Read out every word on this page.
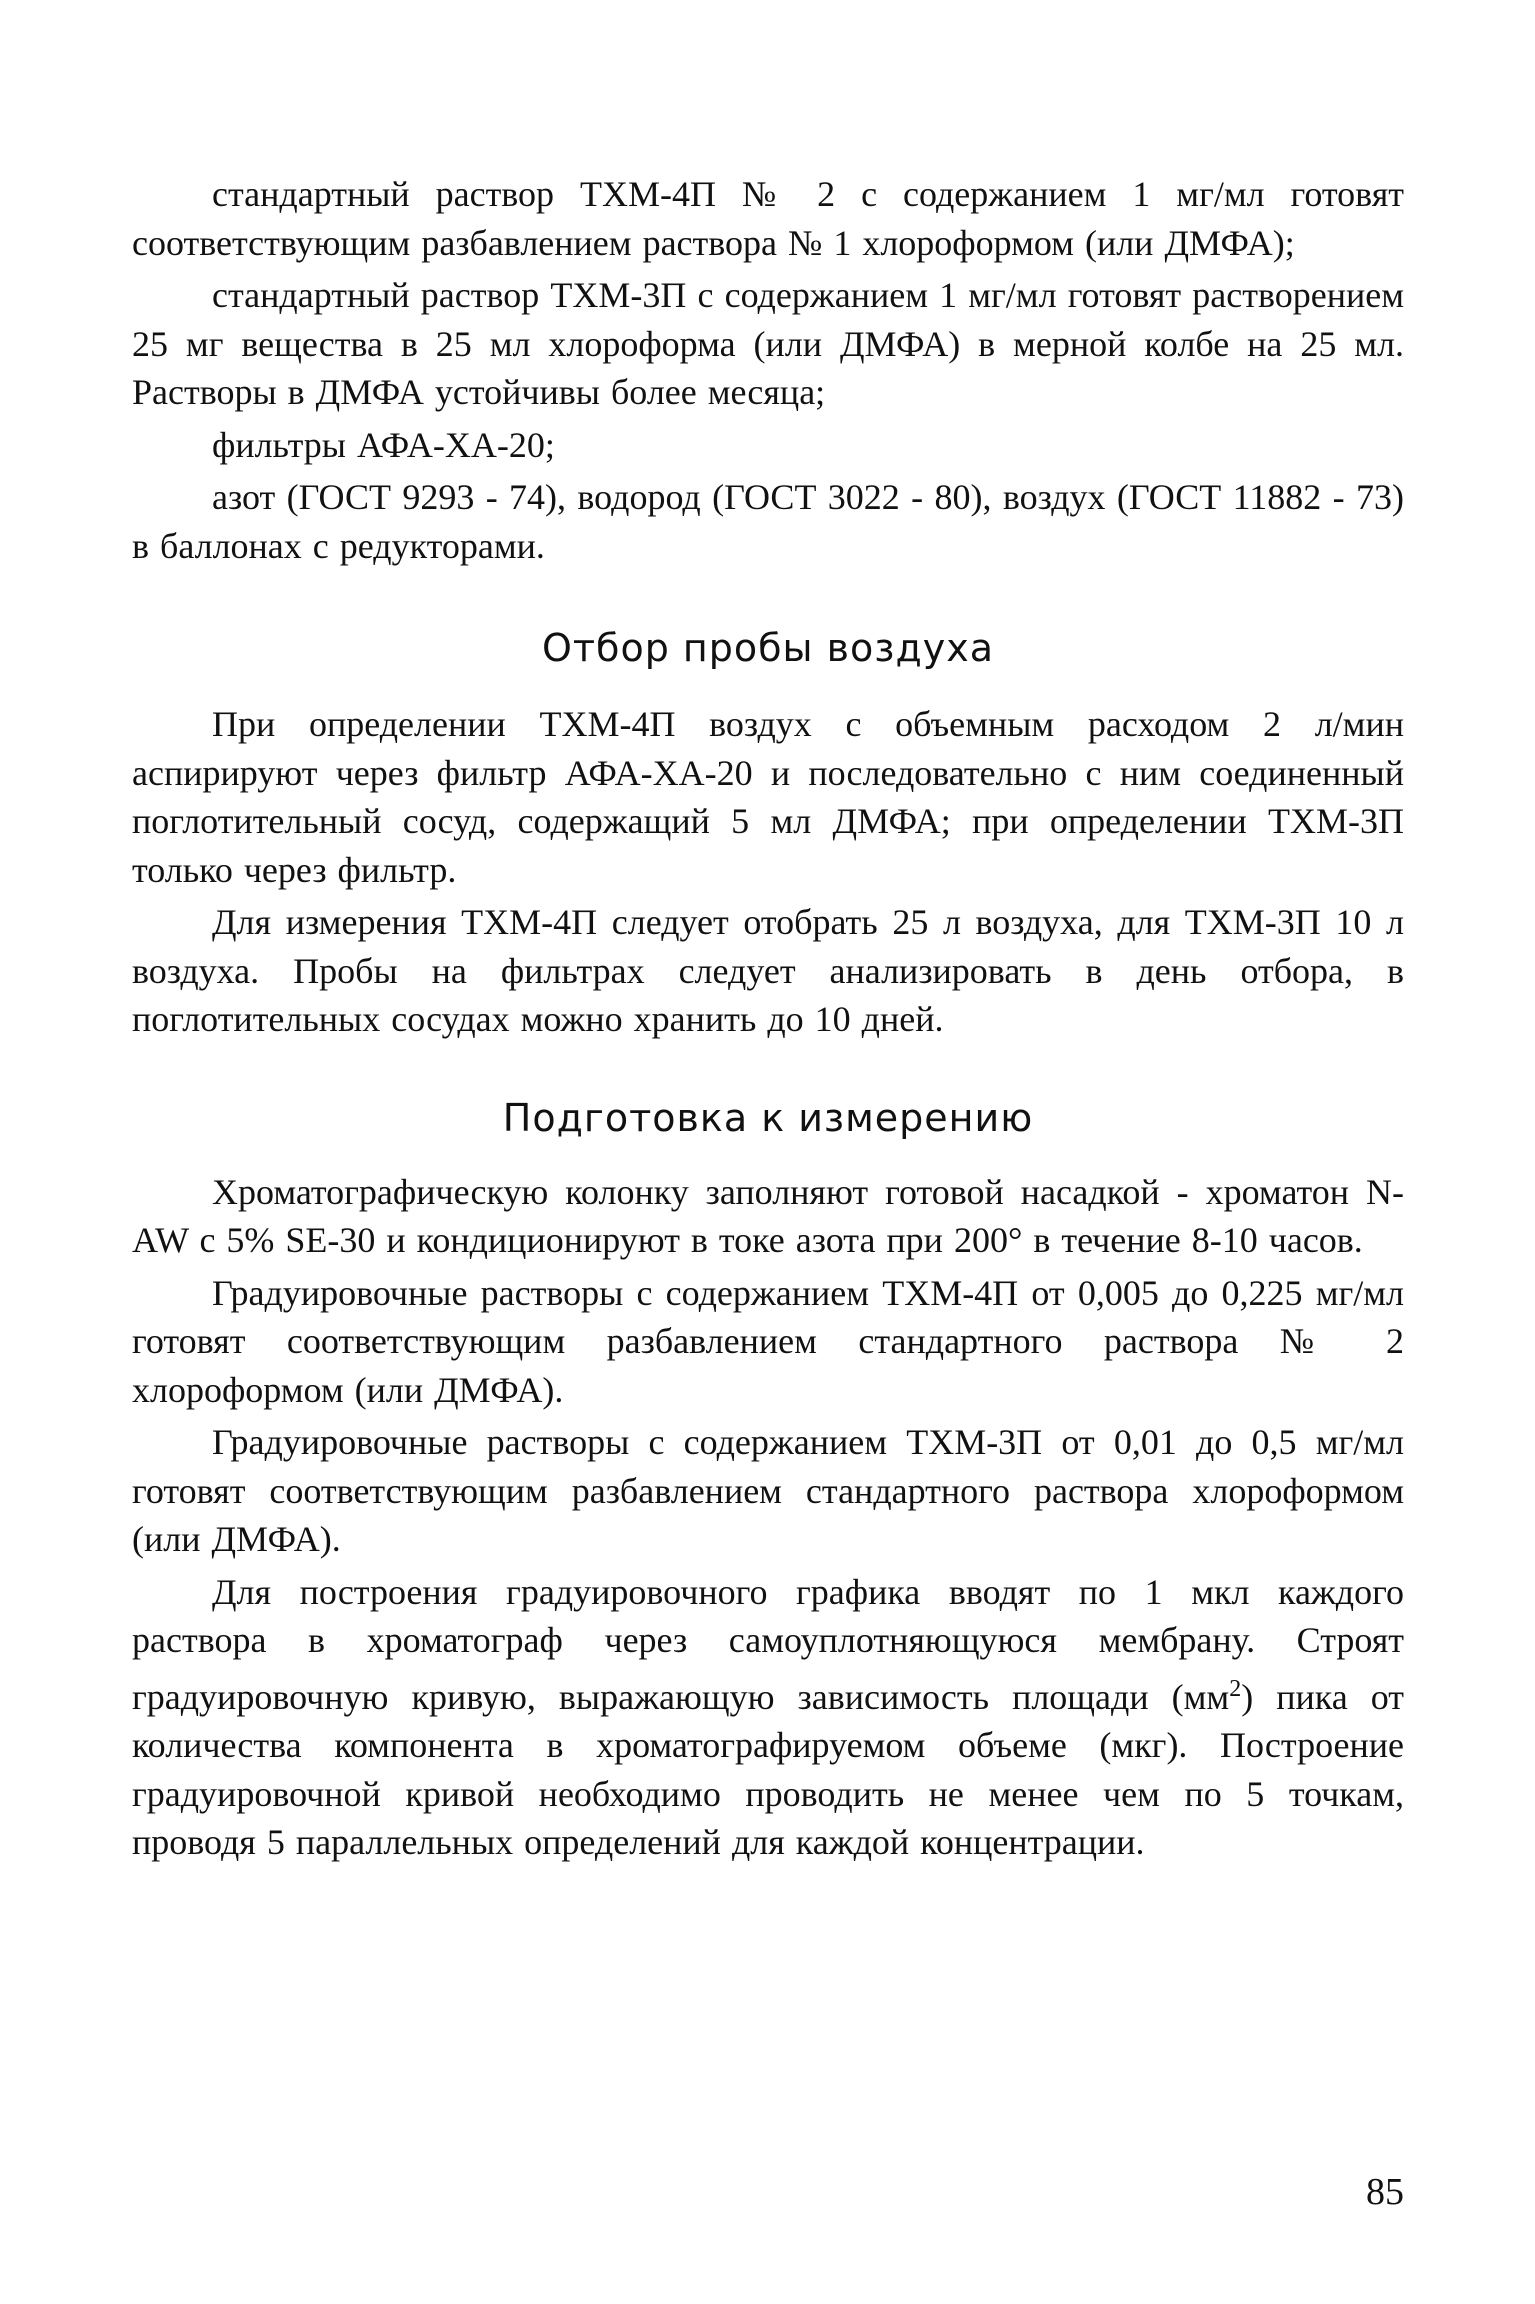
стандартный раствор ТХМ-4П № 2 с содержанием 1 мг/мл готовят соответствующим разбавлением раствора № 1 хлороформом (или ДМФА);

стандартный раствор ТХМ-3П с содержанием 1 мг/мл готовят растворением 25 мг вещества в 25 мл хлороформа (или ДМФА) в мерной колбе на 25 мл. Растворы в ДМФА устойчивы более месяца;

фильтры АФА-ХА-20;

азот (ГОСТ 9293 - 74), водород (ГОСТ 3022 - 80), воздух (ГОСТ 11882 - 73) в баллонах с редукторами.

Отбор пробы воздуха

При определении ТХМ-4П воздух с объемным расходом 2 л/мин аспирируют через фильтр АФА-ХА-20 и последовательно с ним соединенный поглотительный сосуд, содержащий 5 мл ДМФА; при определении ТХМ-3П только через фильтр.

Для измерения ТХМ-4П следует отобрать 25 л воздуха, для ТХМ-3П 10 л воздуха. Пробы на фильтрах следует анализировать в день отбора, в поглотительных сосудах можно хранить до 10 дней.

Подготовка к измерению

Хроматографическую колонку заполняют готовой насадкой - хроматон N-AW с 5% SE-30 и кондиционируют в токе азота при 200° в течение 8-10 часов.

Градуировочные растворы с содержанием ТХМ-4П от 0,005 до 0,225 мг/мл готовят соответствующим разбавлением стандартного раствора № 2 хлороформом (или ДМФА).

Градуировочные растворы с содержанием ТХМ-3П от 0,01 до 0,5 мг/мл готовят соответствующим разбавлением стандартного раствора хлороформом (или ДМФА).

Для построения градуировочного графика вводят по 1 мкл каждого раствора в хроматограф через самоуплотняющуюся мембрану. Строят градуировочную кривую, выражающую зависимость площади $(мм^2)$ пика от количества компонента в хроматографируемом объеме (мкг). Построение градуировочной кривой необходимо проводить не менее чем по 5 точкам, проводя 5 параллельных определений для каждой концентрации.

85
